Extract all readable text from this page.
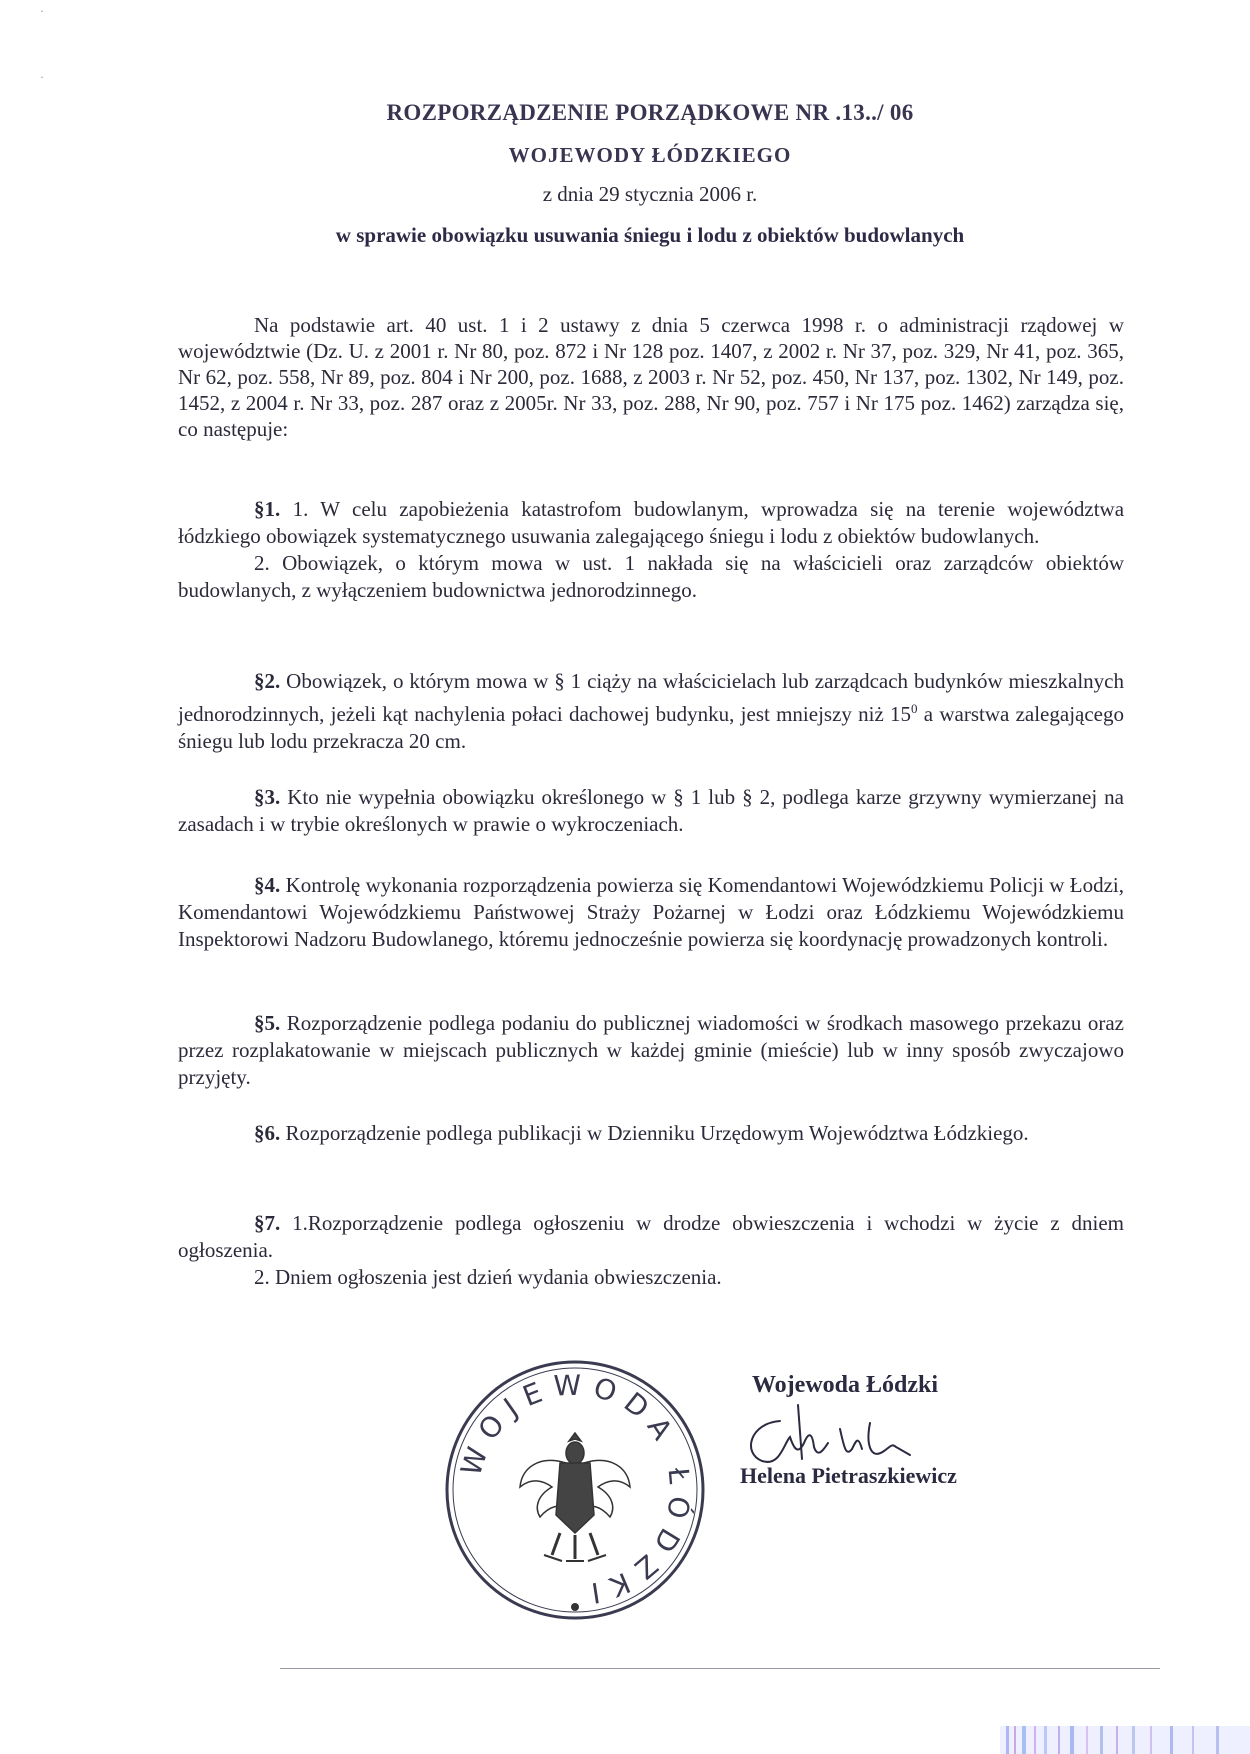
·
·
ROZPORZĄDZENIE PORZĄDKOWE NR .13../ 06
WOJEWODY ŁÓDZKIEGO
z dnia 29 stycznia 2006 r.
w sprawie obowiązku usuwania śniegu i lodu z obiektów budowlanych
Na podstawie art. 40 ust. 1 i 2 ustawy z dnia 5 czerwca 1998 r. o administracji rządowej w województwie (Dz. U. z 2001 r. Nr 80, poz. 872 i Nr 128 poz. 1407, z 2002 r. Nr 37, poz. 329, Nr 41, poz. 365, Nr 62, poz. 558, Nr 89, poz. 804 i Nr 200, poz. 1688, z 2003 r. Nr 52, poz. 450, Nr 137, poz. 1302, Nr 149, poz. 1452, z 2004 r. Nr 33, poz. 287 oraz z 2005r. Nr 33, poz. 288, Nr 90, poz. 757 i Nr 175 poz. 1462) zarządza się, co następuje:

§1. 1. W celu zapobieżenia katastrofom budowlanym, wprowadza się na terenie województwa łódzkiego obowiązek systematycznego usuwania zalegającego śniegu i lodu z obiektów budowlanych.

2. Obowiązek, o którym mowa w ust. 1 nakłada się na właścicieli oraz zarządców obiektów budowlanych, z wyłączeniem budownictwa jednorodzinnego.

§2. Obowiązek, o którym mowa w § 1 ciąży na właścicielach lub zarządcach budynków mieszkalnych jednorodzinnych, jeżeli kąt nachylenia połaci dachowej budynku, jest mniejszy niż $15^0$ a warstwa zalegającego śniegu lub lodu przekracza 20 cm.

§3. Kto nie wypełnia obowiązku określonego w § 1 lub § 2, podlega karze grzywny wymierzanej na zasadach i w trybie określonych w prawie o wykroczeniach.

§4. Kontrolę wykonania rozporządzenia powierza się Komendantowi Wojewódzkiemu Policji w Łodzi, Komendantowi Wojewódzkiemu Państwowej Straży Pożarnej w Łodzi oraz Łódzkiemu Wojewódzkiemu Inspektorowi Nadzoru Budowlanego, któremu jednocześnie powierza się koordynację prowadzonych kontroli.

§5. Rozporządzenie podlega podaniu do publicznej wiadomości w środkach masowego przekazu oraz przez rozplakatowanie w miejscach publicznych w każdej gminie (mieście) lub w inny sposób zwyczajowo przyjęty.

§6. Rozporządzenie podlega publikacji w Dzienniku Urzędowym Województwa Łódzkiego.

§7. 1.Rozporządzenie podlega ogłoszeniu w drodze obwieszczenia i wchodzi w życie z dniem ogłoszenia.

2. Dniem ogłoszenia jest dzień wydania obwieszczenia.

WOJEWODA ŁÓDZKI
Wojewoda Łódzki
Helena Pietraszkiewicz
